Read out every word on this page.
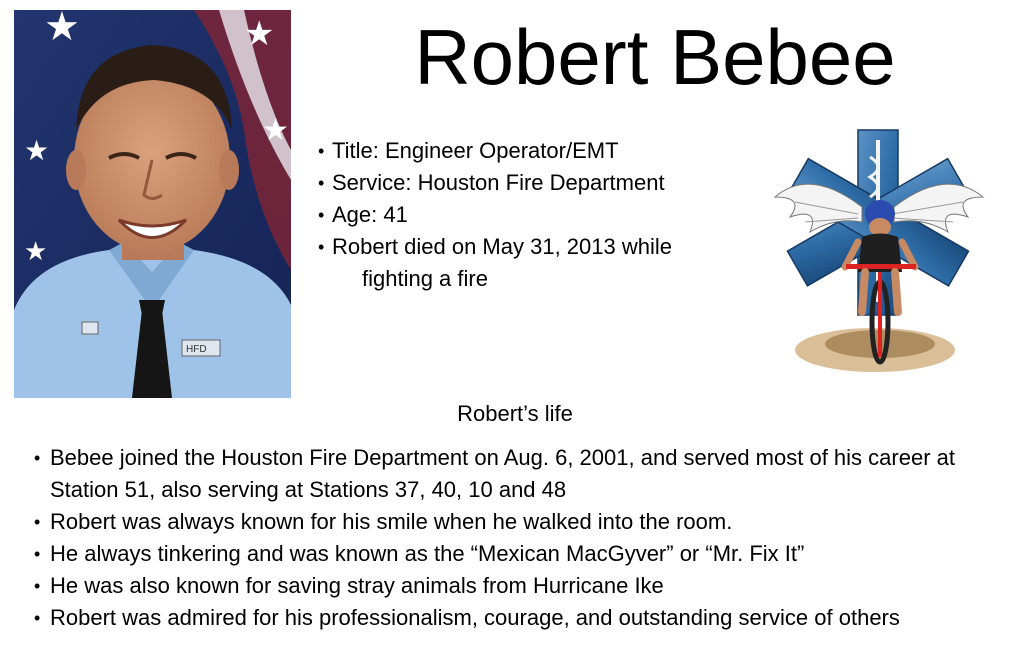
★	★
★
★
★
HFD
Robert Bebee
• Title: Engineer Operator/EMT
• Service: Houston Fire Department
• Age: 41
• Robert died on May 31, 2013 while
fighting a fire
Robert’s life
• Bebee joined the Houston Fire Department on Aug. 6, 2001, and served most of his career at Station 51, also serving at Stations 37, 40, 10 and 48
• Robert was always known for his smile when he walked into the room.
• He always tinkering and was known as the “Mexican MacGyver” or “Mr. Fix It”
• He was also known for saving stray animals from Hurricane Ike
• Robert was admired for his professionalism, courage, and outstanding service of others
